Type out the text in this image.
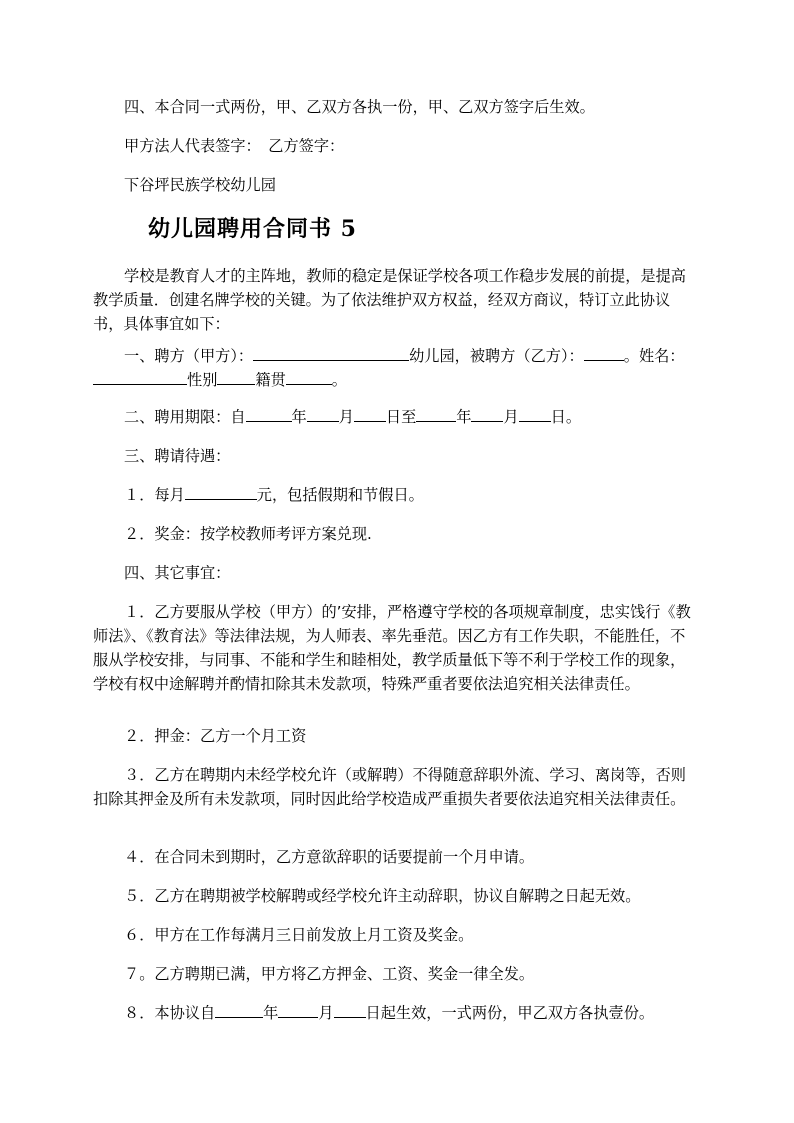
四、本合同一式两份，甲、乙双方各执一份，甲、乙双方签字后生效。

甲方法人代表签字：　乙方签字：

下谷坪民族学校幼儿园

幼儿园聘用合同书 5

学校是教育人才的主阵地，教师的稳定是保证学校各项工作稳步发展的前提，是提高教学质量．创建名牌学校的关键。为了依法维护双方权益，经双方商议，特订立此协议书，具体事宜如下：

一、聘方（甲方）：	幼儿园，被聘方（乙方）：	。姓名：性别	籍贯	。

二、聘用期限：自	年 月 日至	年 月 日。

三、聘请待遇：

１．每月	元，包括假期和节假日。

２．奖金：按学校教师考评方案兑现.

四、其它事宜：

１．乙方要服从学校（甲方）的’安排，严格遵守学校的各项规章制度，忠实饯行《教师法》、《教育法》等法律法规，为人师表、率先垂范。因乙方有工作失职，不能胜任，不服从学校安排，与同事、不能和学生和睦相处，教学质量低下等不利于学校工作的现象，学校有权中途解聘并酌情扣除其未发款项，特殊严重者要依法追究相关法律责任。

２．押金：乙方一个月工资

３．乙方在聘期内未经学校允许（或解聘）不得随意辞职外流、学习、离岗等，否则扣除其押金及所有未发款项，同时因此给学校造成严重损失者要依法追究相关法律责任。

４．在合同未到期时，乙方意欲辞职的话要提前一个月申请。

５．乙方在聘期被学校解聘或经学校允许主动辞职，协议自解聘之日起无效。

６．甲方在工作每满月三日前发放上月工资及奖金。

７。乙方聘期已满，甲方将乙方押金、工资、奖金一律全发。

８．本协议自	年	月 日起生效，一式两份，甲乙双方各执壹份。
